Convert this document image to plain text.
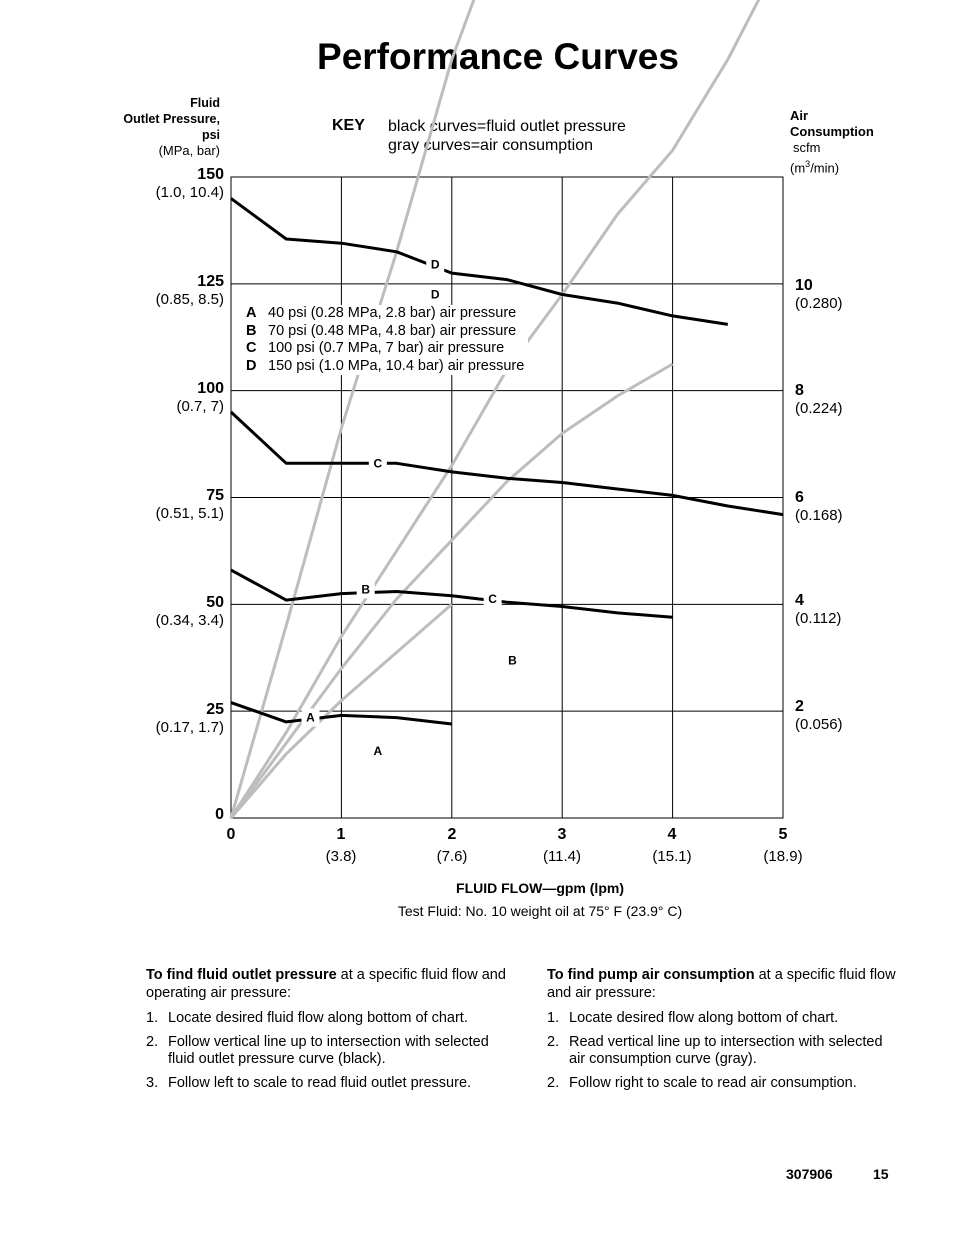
Performance Curves
Fluid
Outlet Pressure,
psi
(MPa, bar)
KEY	black curves=fluid outlet pressure
gray curves=air consumption
Air
Consumption
scfm
$(m^3/\min)$
150
(1.0, 10.4)
125
(0.85, 8.5)
100
(0.7, 7)
75
(0.51, 5.1)
50
(0.34, 3.4)
25
(0.17, 1.7)
0
10
(0.280)
8
(0.224)
6
(0.168)
4
(0.112)
2
(0.056)
0	1
(3.8)
2
(7.6)
3
(11.4)
4
(15.1)
5
(18.9)
A
B
C
D
A
B
C
D
A 40 psi (0.28 MPa, 2.8 bar) air pressure
B 70 psi (0.48 MPa, 4.8 bar) air pressure
C 100 psi (0.7 MPa, 7 bar) air pressure
D 150 psi (1.0 MPa, 10.4 bar) air pressure
FLUID FLOW—gpm (lpm)
Test Fluid: No. 10 weight oil at 75° F (23.9° C)

To find fluid outlet pressure at a specific fluid flow and operating air pressure:

1. Locate desired fluid flow along bottom of chart.
2. Follow vertical line up to intersection with selected fluid outlet pressure curve (black).
3. Follow left to scale to read fluid outlet pressure.

To find pump air consumption at a specific fluid flow and air pressure:

1. Locate desired flow along bottom of chart.
2. Read vertical line up to intersection with selected air consumption curve (gray).
2. Follow right to scale to read air consumption.
307906	15
